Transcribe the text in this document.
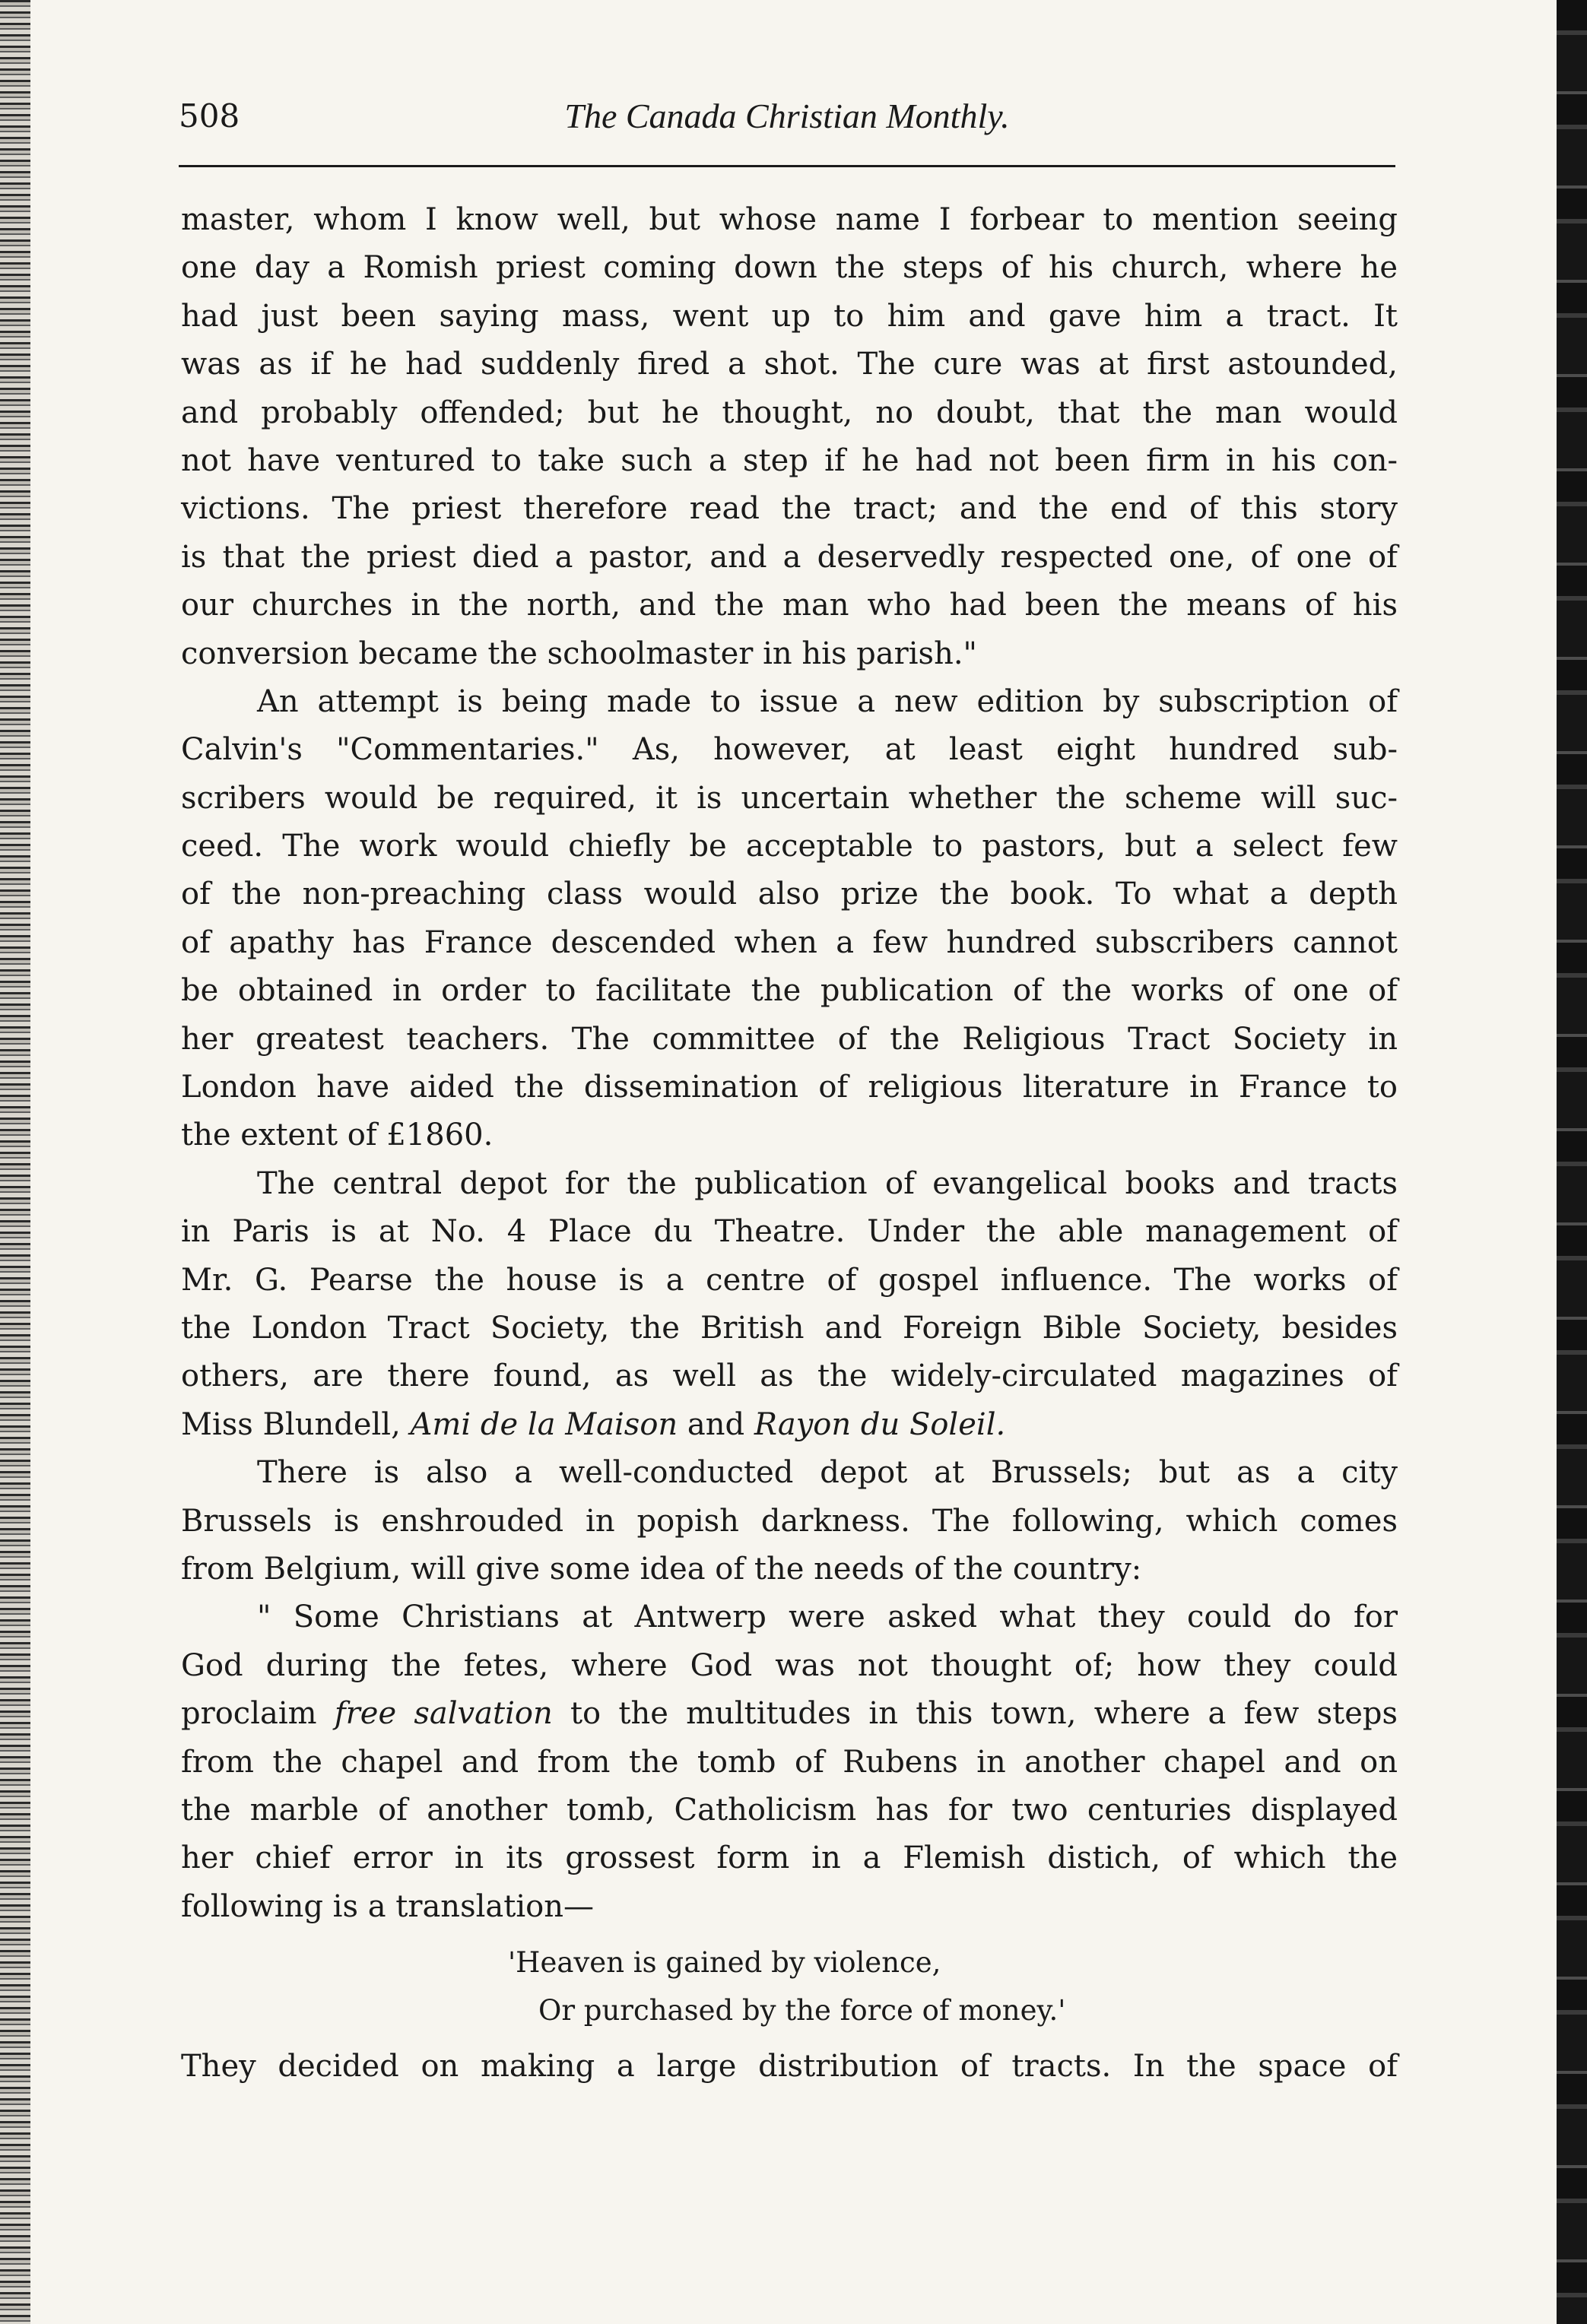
508	The Canada Christian Monthly.
master, whom I know well, but whose name I forbear to mention seeing
one day a Romish priest coming down the steps of his church, where he
had just been saying mass, went up to him and gave him a tract. It
was as if he had suddenly fired a shot. The cure was at first astounded,
and probably offended; but he thought, no doubt, that the man would
not have ventured to take such a step if he had not been firm in his con-
victions. The priest therefore read the tract; and the end of this story
is that the priest died a pastor, and a deservedly respected one, of one of
our churches in the north, and the man who had been the means of his
conversion became the schoolmaster in his parish."
An attempt is being made to issue a new edition by subscription of
Calvin's "Commentaries." As, however, at least eight hundred sub-
scribers would be required, it is uncertain whether the scheme will suc-
ceed. The work would chiefly be acceptable to pastors, but a select few
of the non-preaching class would also prize the book. To what a depth
of apathy has France descended when a few hundred subscribers cannot
be obtained in order to facilitate the publication of the works of one of
her greatest teachers. The committee of the Religious Tract Society in
London have aided the dissemination of religious literature in France to
the extent of £1860.
The central depot for the publication of evangelical books and tracts
in Paris is at No. 4 Place du Theatre. Under the able management of
Mr. G. Pearse the house is a centre of gospel influence. The works of
the London Tract Society, the British and Foreign Bible Society, besides
others, are there found, as well as the widely-circulated magazines of
Miss Blundell, Ami de la Maison and Rayon du Soleil.
There is also a well-conducted depot at Brussels; but as a city
Brussels is enshrouded in popish darkness. The following, which comes
from Belgium, will give some idea of the needs of the country:
" Some Christians at Antwerp were asked what they could do for
God during the fetes, where God was not thought of; how they could
proclaim free salvation to the multitudes in this town, where a few steps
from the chapel and from the tomb of Rubens in another chapel and on
the marble of another tomb, Catholicism has for two centuries displayed
her chief error in its grossest form in a Flemish distich, of which the
following is a translation—
'Heaven is gained by violence,
Or purchased by the force of money.'
They decided on making a large distribution of tracts. In the space of
